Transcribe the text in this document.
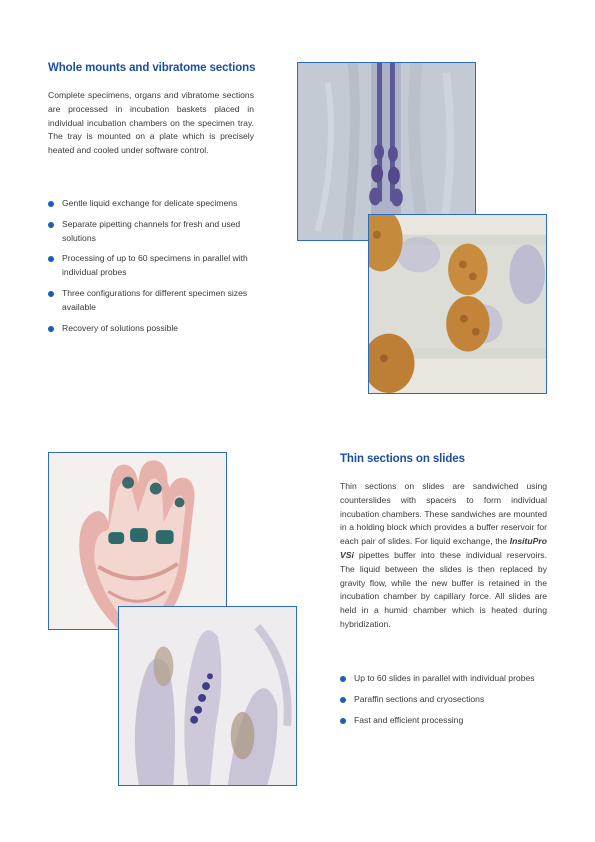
Whole mounts and vibratome sections

Complete specimens, organs and vibratome sections are processed in incubation baskets placed in individual incubation chambers on the specimen tray. The tray is mounted on a plate which is precisely heated and cooled under software control.

Gentle liquid exchange for delicate specimens
Separate pipetting channels for fresh and used solutions
Processing of up to 60 specimens in parallel with individual probes
Three configurations for different specimen sizes available
Recovery of solutions possible
Thin sections on slides

Thin sections on slides are sandwiched using counterslides with spacers to form individual incubation chambers. These sandwiches are mounted in a holding block which provides a buffer reservoir for each pair of slides. For liquid exchange, the InsituPro VSi pipettes buffer into these individual reservoirs. The liquid between the slides is then replaced by gravity flow, while the new buffer is retained in the incubation chamber by capillary force. All slides are held in a humid chamber which is heated during hybridization.

Up to 60 slides in parallel with individual probes
Paraffin sections and cryosections
Fast and efficient processing
